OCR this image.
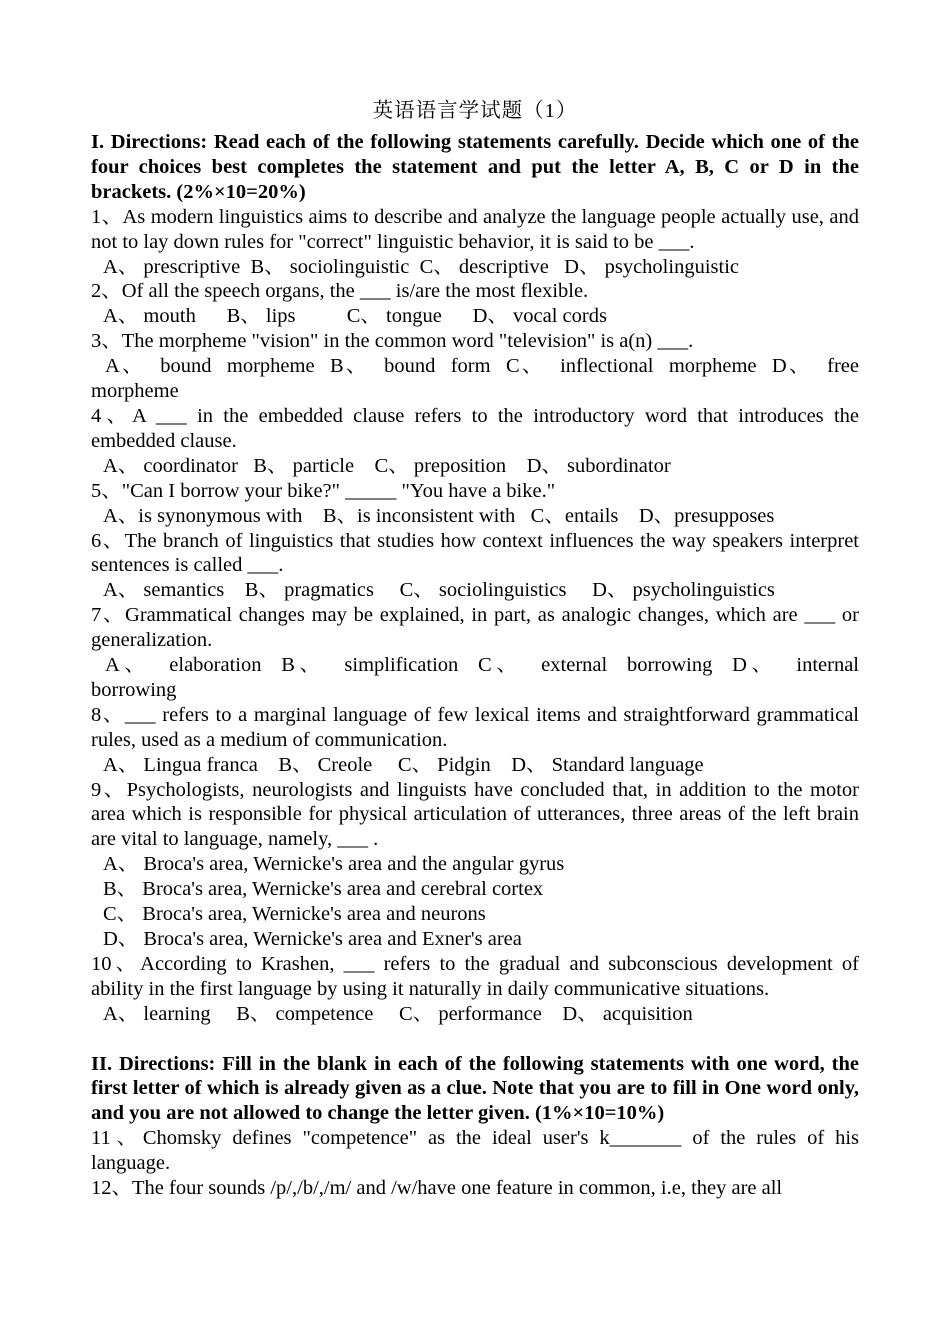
英语语言学试题（1）
I. Directions: Read each of the following statements carefully. Decide which one of the four choices best completes the statement and put the letter A, B, C or D in the brackets. (2%×10=20%)
1、As modern linguistics aims to describe and analyze the language people actually use, and not to lay down rules for "correct" linguistic behavior, it is said to be ___.
A、 prescriptive  B、 sociolinguistic  C、 descriptive   D、 psycholinguistic
2、Of all the speech organs, the ___ is/are the most flexible.
A、 mouth      B、 lips          C、 tongue      D、 vocal cords
3、The morpheme "vision" in the common word "television" is a(n) ___.
A、 bound morpheme B、 bound form C、 inflectional morpheme D、 free morpheme
4、A ___ in the embedded clause refers to the introductory word that introduces the embedded clause.
A、 coordinator   B、 particle    C、 preposition    D、 subordinator
5、"Can I borrow your bike?" _____ "You have a bike."
A、is synonymous with    B、is inconsistent with   C、entails    D、presupposes
6、The branch of linguistics that studies how context influences the way speakers interpret sentences is called ___.
A、 semantics    B、 pragmatics     C、 sociolinguistics     D、 psycholinguistics
7、Grammatical changes may be explained, in part, as analogic changes, which are ___ or generalization.
A、 elaboration B、 simplification C、 external borrowing D、 internal borrowing
8、___ refers to a marginal language of few lexical items and straightforward grammatical rules, used as a medium of communication.
A、 Lingua franca    B、 Creole     C、 Pidgin    D、 Standard language
9、Psychologists, neurologists and linguists have concluded that, in addition to the motor area which is responsible for physical articulation of utterances, three areas of the left brain are vital to language, namely, ___ .
A、 Broca's area, Wernicke's area and the angular gyrus
B、 Broca's area, Wernicke's area and cerebral cortex
C、 Broca's area, Wernicke's area and neurons
D、 Broca's area, Wernicke's area and Exner's area
10、According to Krashen, ___ refers to the gradual and subconscious development of ability in the first language by using it naturally in daily communicative situations.
A、 learning     B、 competence     C、 performance    D、 acquisition
II. Directions: Fill in the blank in each of the following statements with one word, the first letter of which is already given as a clue. Note that you are to fill in One word only, and you are not allowed to change the letter given. (1%×10=10%)
11、Chomsky defines "competence" as the ideal user's k_______ of the rules of his language.
12、The four sounds /p/,/b/,/m/ and /w/have one feature in common, i.e, they are all
